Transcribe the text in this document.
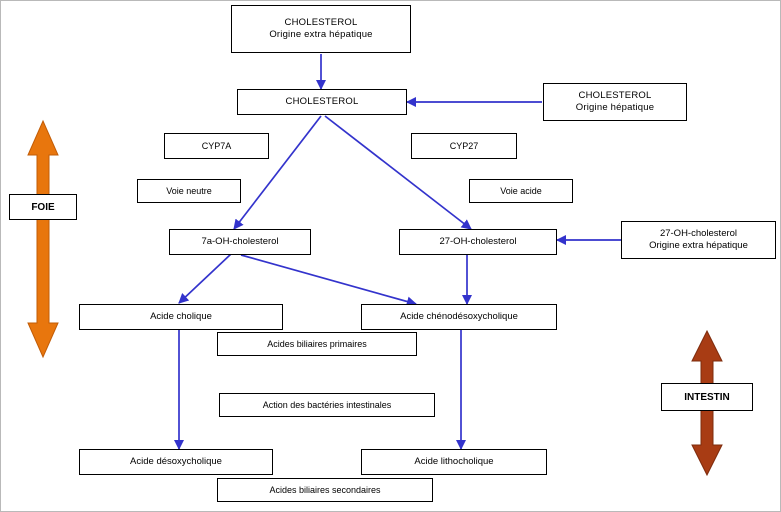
CHOLESTEROL
Origine extra hépatique
CHOLESTEROL
CHOLESTEROL
Origine hépatique
CYP7A	CYP27
Voie neutre	Voie acide
7a-OH-cholesterol	27-OH-cholesterol
27-OH-cholesterol
Origine extra hépatique
Acide cholique	Acide chénodésoxycholique
Acides biliaires primaires
Action des bactéries intestinales
Acide désoxycholique	Acide lithocholique
Acides biliaires secondaires
FOIE
INTESTIN
